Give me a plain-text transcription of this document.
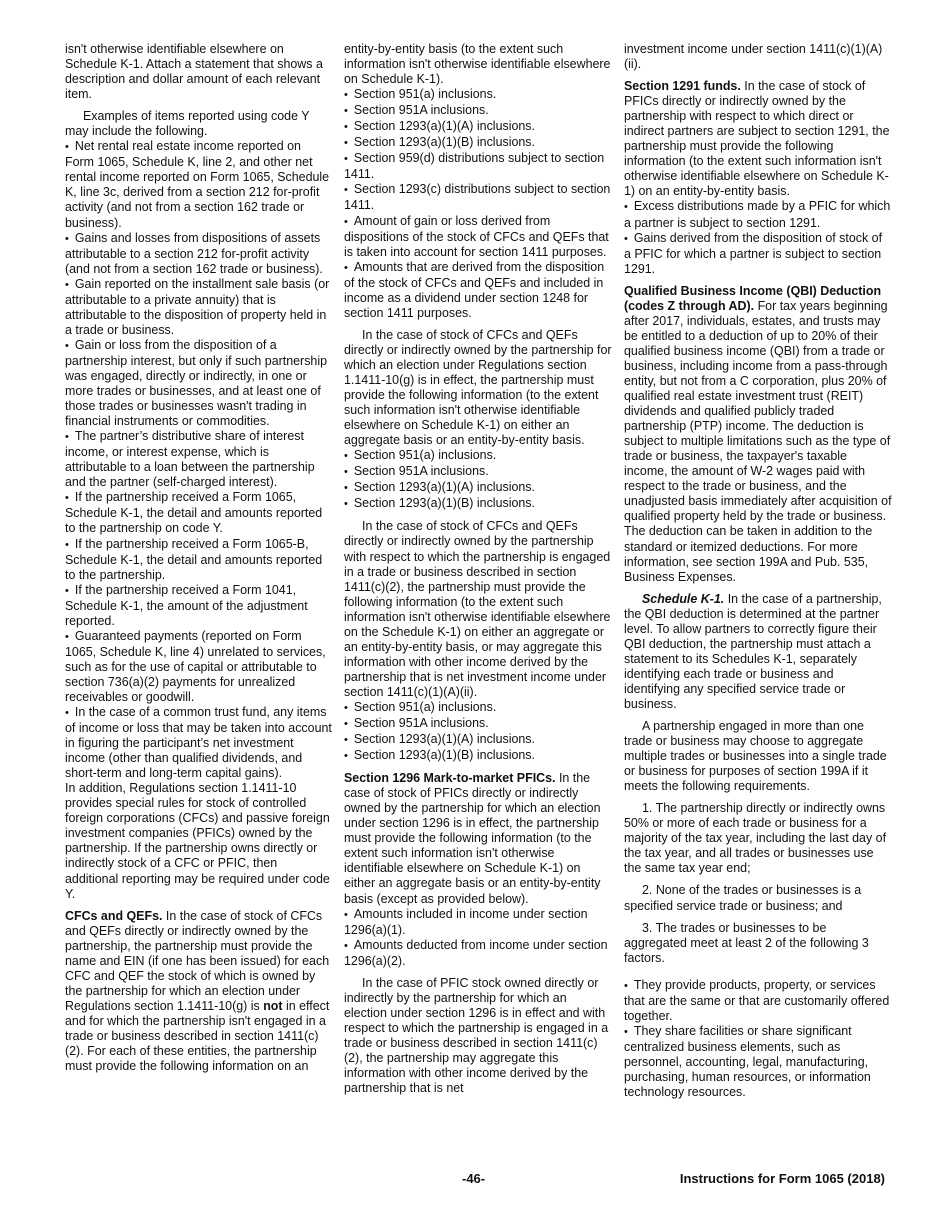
isn't otherwise identifiable elsewhere on Schedule K-1. Attach a statement that shows a description and dollar amount of each relevant item.

Examples of items reported using code Y may include the following.

• Net rental real estate income reported on Form 1065, Schedule K, line 2, and other net rental income reported on Form 1065, Schedule K, line 3c, derived from a section 212 for-profit activity (and not from a section 162 trade or business).

• Gains and losses from dispositions of assets attributable to a section 212 for-profit activity (and not from a section 162 trade or business).

• Gain reported on the installment sale basis (or attributable to a private annuity) that is attributable to the disposition of property held in a trade or business.

• Gain or loss from the disposition of a partnership interest, but only if such partnership was engaged, directly or indirectly, in one or more trades or businesses, and at least one of those trades or businesses wasn't trading in financial instruments or commodities.

• The partner’s distributive share of interest income, or interest expense, which is attributable to a loan between the partnership and the partner (self-charged interest).

• If the partnership received a Form 1065, Schedule K-1, the detail and amounts reported to the partnership on code Y.

• If the partnership received a Form 1065-B, Schedule K-1, the detail and amounts reported to the partnership.

• If the partnership received a Form 1041, Schedule K-1, the amount of the adjustment reported.

• Guaranteed payments (reported on Form 1065, Schedule K, line 4) unrelated to services, such as for the use of capital or attributable to section 736(a)(2) payments for unrealized receivables or goodwill.

• In the case of a common trust fund, any items of income or loss that may be taken into account in figuring the participant’s net investment income (other than qualified dividends, and short-term and long-term capital gains).

In addition, Regulations section 1.1411-10 provides special rules for stock of controlled foreign corporations (CFCs) and passive foreign investment companies (PFICs) owned by the partnership. If the partnership owns directly or indirectly stock of a CFC or PFIC, then additional reporting may be required under code Y.

CFCs and QEFs. In the case of stock of CFCs and QEFs directly or indirectly owned by the partnership, the partnership must provide the name and EIN (if one has been issued) for each CFC and QEF the stock of which is owned by the partnership for which an election under Regulations section 1.1411-10(g) is not in effect and for which the partnership isn't engaged in a trade or business described in section 1411(c)(2). For each of these entities, the partnership must provide the following information on an

entity-by-entity basis (to the extent such information isn't otherwise identifiable elsewhere on Schedule K-1).

• Section 951(a) inclusions.

• Section 951A inclusions.

• Section 1293(a)(1)(A) inclusions.

• Section 1293(a)(1)(B) inclusions.

• Section 959(d) distributions subject to section 1411.

• Section 1293(c) distributions subject to section 1411.

• Amount of gain or loss derived from dispositions of the stock of CFCs and QEFs that is taken into account for section 1411 purposes.

• Amounts that are derived from the disposition of the stock of CFCs and QEFs and included in income as a dividend under section 1248 for section 1411 purposes.

In the case of stock of CFCs and QEFs directly or indirectly owned by the partnership for which an election under Regulations section 1.1411-10(g) is in effect, the partnership must provide the following information (to the extent such information isn't otherwise identifiable elsewhere on Schedule K-1) on either an aggregate basis or an entity-by-entity basis.

• Section 951(a) inclusions.

• Section 951A inclusions.

• Section 1293(a)(1)(A) inclusions.

• Section 1293(a)(1)(B) inclusions.

In the case of stock of CFCs and QEFs directly or indirectly owned by the partnership with respect to which the partnership is engaged in a trade or business described in section 1411(c)(2), the partnership must provide the following information (to the extent such information isn't otherwise identifiable elsewhere on the Schedule K-1) on either an aggregate or an entity-by-entity basis, or may aggregate this information with other income derived by the partnership that is net investment income under section 1411(c)(1)(A)(ii).

• Section 951(a) inclusions.

• Section 951A inclusions.

• Section 1293(a)(1)(A) inclusions.

• Section 1293(a)(1)(B) inclusions.

Section 1296 Mark-to-market PFICs. In the case of stock of PFICs directly or indirectly owned by the partnership for which an election under section 1296 is in effect, the partnership must provide the following information (to the extent such information isn't otherwise identifiable elsewhere on Schedule K-1) on either an aggregate basis or an entity-by-entity basis (except as provided below).

• Amounts included in income under section 1296(a)(1).

• Amounts deducted from income under section 1296(a)(2).

In the case of PFIC stock owned directly or indirectly by the partnership for which an election under section 1296 is in effect and with respect to which the partnership is engaged in a trade or business described in section 1411(c)(2), the partnership may aggregate this information with other income derived by the partnership that is net

investment income under section 1411(c)(1)(A)(ii).

Section 1291 funds. In the case of stock of PFICs directly or indirectly owned by the partnership with respect to which direct or indirect partners are subject to section 1291, the partnership must provide the following information (to the extent such information isn't otherwise identifiable elsewhere on Schedule K-1) on an entity-by-entity basis.

• Excess distributions made by a PFIC for which a partner is subject to section 1291.

• Gains derived from the disposition of stock of a PFIC for which a partner is subject to section 1291.

Qualified Business Income (QBI) Deduction (codes Z through AD). For tax years beginning after 2017, individuals, estates, and trusts may be entitled to a deduction of up to 20% of their qualified business income (QBI) from a trade or business, including income from a pass-through entity, but not from a C corporation, plus 20% of qualified real estate investment trust (REIT) dividends and qualified publicly traded partnership (PTP) income. The deduction is subject to multiple limitations such as the type of trade or business, the taxpayer's taxable income, the amount of W-2 wages paid with respect to the trade or business, and the unadjusted basis immediately after acquisition of qualified property held by the trade or business. The deduction can be taken in addition to the standard or itemized deductions. For more information, see section 199A and Pub. 535, Business Expenses.

Schedule K-1. In the case of a partnership, the QBI deduction is determined at the partner level. To allow partners to correctly figure their QBI deduction, the partnership must attach a statement to its Schedules K-1, separately identifying each trade or business and identifying any specified service trade or business.

A partnership engaged in more than one trade or business may choose to aggregate multiple trades or businesses into a single trade or business for purposes of section 199A if it meets the following requirements.

1. The partnership directly or indirectly owns 50% or more of each trade or business for a majority of the tax year, including the last day of the tax year, and all trades or businesses use the same tax year end;

2. None of the trades or businesses is a specified service trade or business; and

3. The trades or businesses to be aggregated meet at least 2 of the following 3 factors.

• They provide products, property, or services that are the same or that are customarily offered together.

• They share facilities or share significant centralized business elements, such as personnel, accounting, legal, manufacturing, purchasing, human resources, or information technology resources.

-46-	Instructions for Form 1065 (2018)
